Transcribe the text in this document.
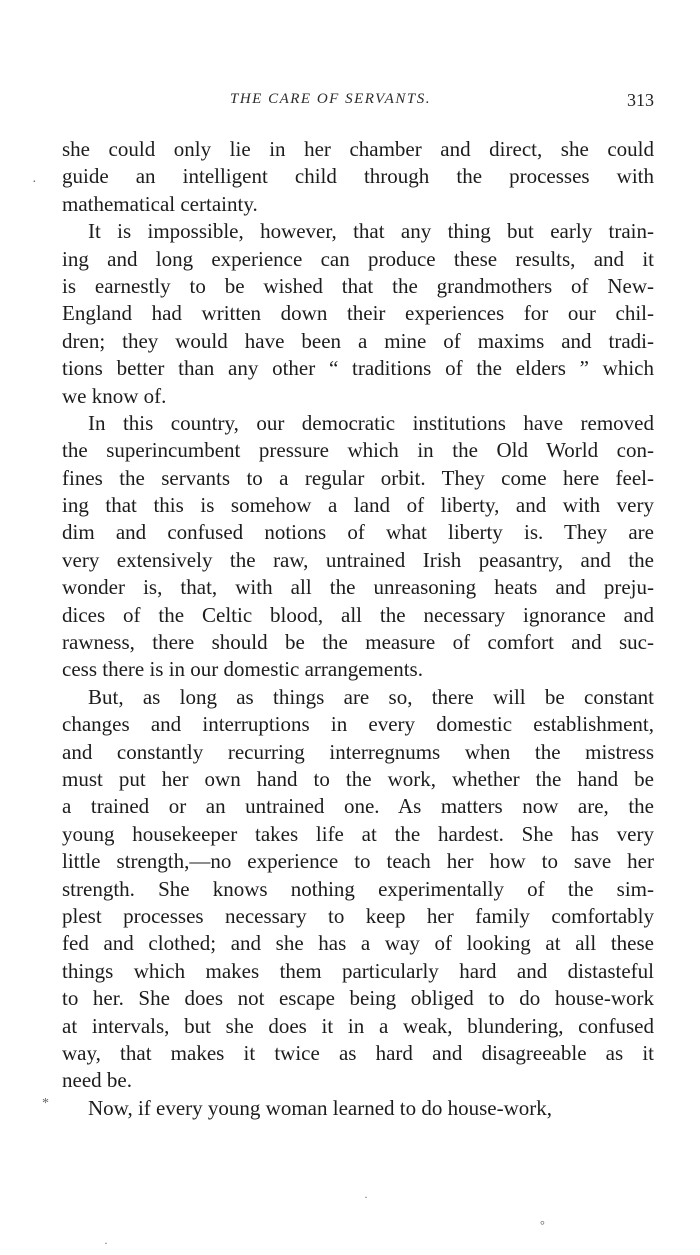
THE CARE OF SERVANTS.	313
she could only lie in her chamber and direct, she could
guide an intelligent child through the processes with
mathematical certainty.
It is impossible, however, that any thing but early train-
ing and long experience can produce these results, and it
is earnestly to be wished that the grandmothers of New-
England had written down their experiences for our chil-
dren; they would have been a mine of maxims and tradi-
tions better than any other “ traditions of the elders ” which
we know of.
In this country, our democratic institutions have removed
the superincumbent pressure which in the Old World con-
fines the servants to a regular orbit. They come here feel-
ing that this is somehow a land of liberty, and with very
dim and confused notions of what liberty is. They are
very extensively the raw, untrained Irish peasantry, and the
wonder is, that, with all the unreasoning heats and preju-
dices of the Celtic blood, all the necessary ignorance and
rawness, there should be the measure of comfort and suc-
cess there is in our domestic arrangements.
But, as long as things are so, there will be constant
changes and interruptions in every domestic establishment,
and constantly recurring interregnums when the mistress
must put her own hand to the work, whether the hand be
a trained or an untrained one. As matters now are, the
young housekeeper takes life at the hardest. She has very
little strength,—no experience to teach her how to save her
strength. She knows nothing experimentally of the sim-
plest processes necessary to keep her family comfortably
fed and clothed; and she has a way of looking at all these
things which makes them particularly hard and distasteful
to her. She does not escape being obliged to do house-work
at intervals, but she does it in a weak, blundering, confused
way, that makes it twice as hard and disagreeable as it
need be.
Now, if every young woman learned to do house-work,
·
*
·
°
·
